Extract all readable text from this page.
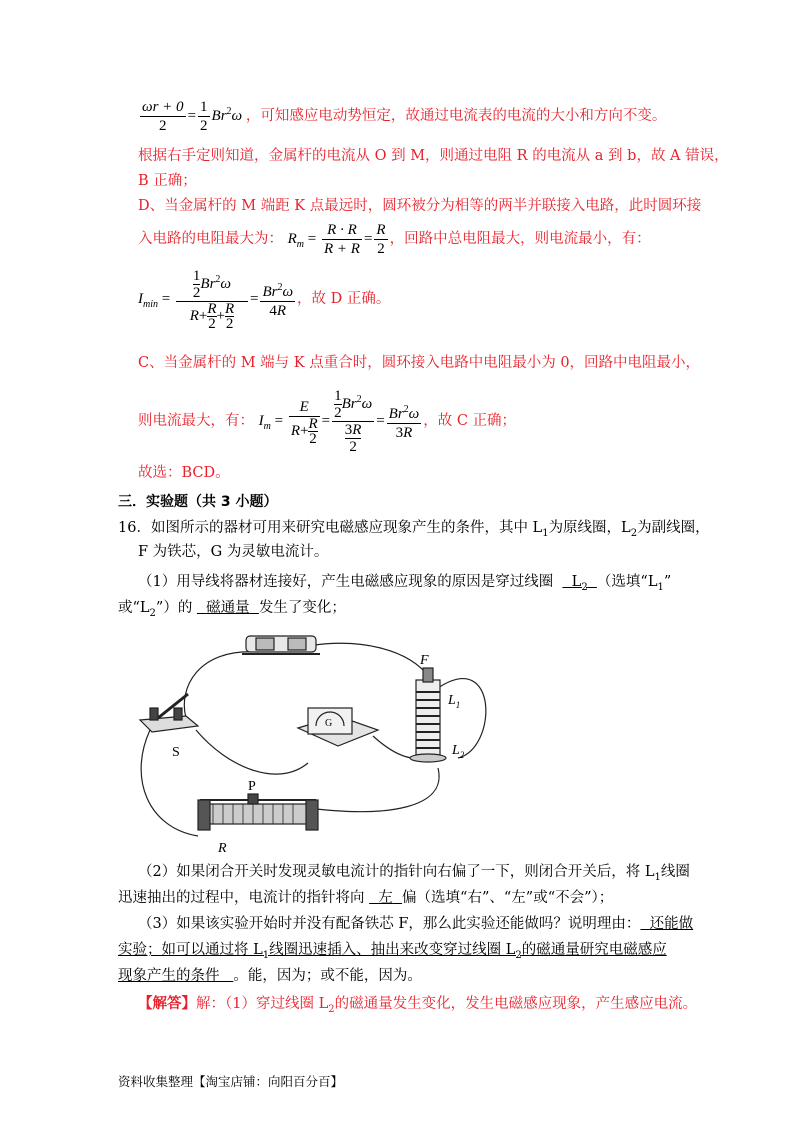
$\frac{\omega r + 0}{2} = \frac{1}{2} Br^2\omega$ ，可知感应电动势恒定，故通过电流表的电流的大小和方向不变。
根据右手定则知道，金属杆的电流从 O 到 M，则通过电阻 R 的电流从 a 到 b，故 A 错误，
B 正确；
D、当金属杆的 M 端距 K 点最远时，圆环被分为相等的两半并联接入电路，此时圆环接
入电路的电阻最大为： $R_m = \frac{R \cdot R}{R + R} = \frac{R}{2}$ ，回路中总电阻最大，则电流最小，有：
$I_{min} = \frac{\frac{1}{2} Br^2\omega}{R+ \frac{R}{2} + \frac{R}{2}} = \frac{Br^2\omega}{4R}$ ，故 D 正确。
C、当金属杆的 M 端与 K 点重合时，圆环接入电路中电阻最小为 0，回路中电阻最小，
则电流最大，有： $I_m = \frac{E}{R+ \frac{R}{2}} = \frac{\frac{1}{2} Br^2\omega}{\frac{3R}{2}} = \frac{Br^2\omega}{3R}$ ，故 C 正确；
故选：BCD。
三．实验题（共 3 小题）
16．如图所示的器材可用来研究电磁感应现象产生的条件，其中 $L_1$为原线圈，$L_2$为副线圈，
F 为铁芯，G 为灵敏电流计。
（1）用导线将器材连接好，产生电磁感应现象的原因是穿过线圈 $L_2$ （选填“$L_1$”
或“$L_2$”）的 磁通量 发生了变化；
F
$L_1$
$L_2$
S
P
R
G
（2）如果闭合开关时发现灵敏电流计的指针向右偏了一下，则闭合开关后，将 $L_1$线圈
迅速抽出的过程中，电流计的指针将向 左 偏（选填“右”、“左”或“不会”）；
（3）如果该实验开始时并没有配备铁芯 F，那么此实验还能做吗？说明理由： 还能做
实验；如可以通过将 $L_1$线圈迅速插入、抽出来改变穿过线圈 $L_2$的磁通量研究电磁感应
现象产生的条件 。能，因为；或不能，因为。
【解答】解：（1）穿过线圈 $L_2$的磁通量发生变化，发生电磁感应现象，产生感应电流。
资料收集整理【淘宝店铺：向阳百分百】
